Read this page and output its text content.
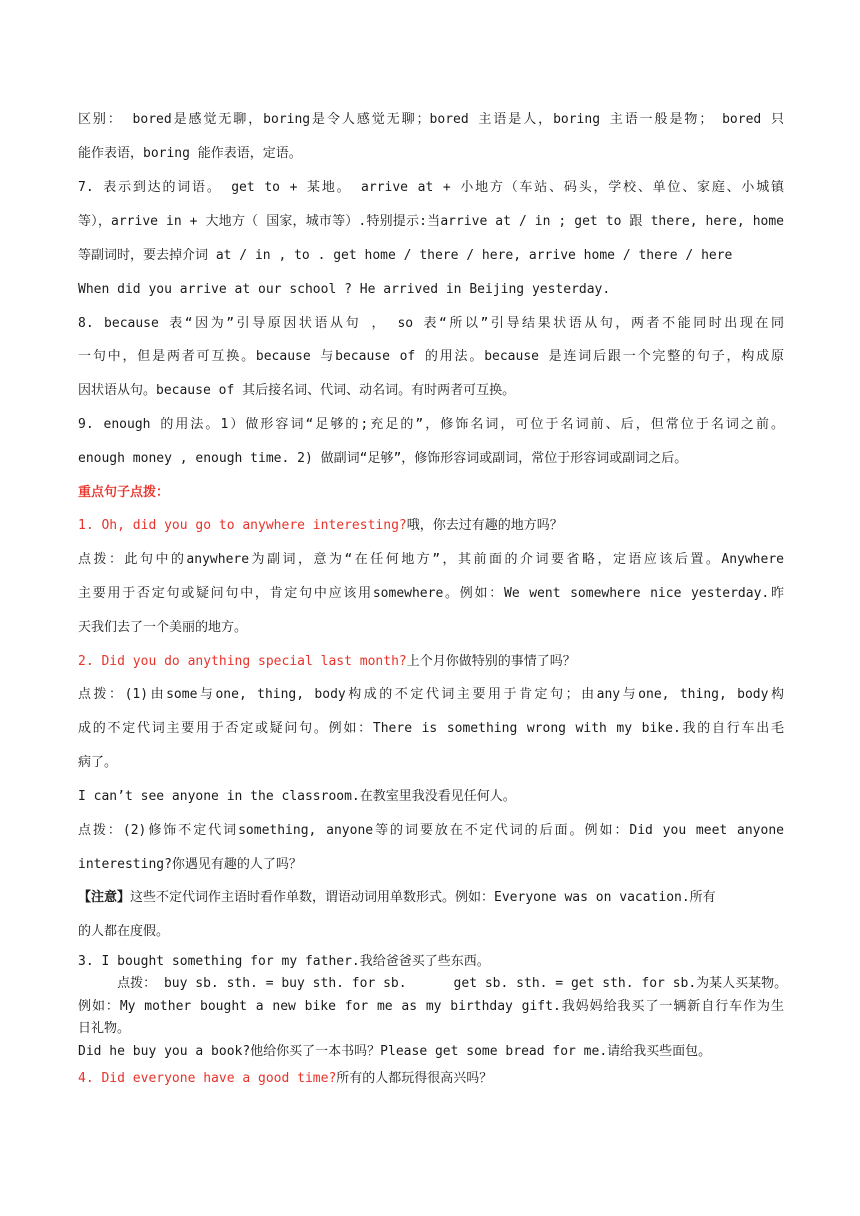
区别： bored是感觉无聊，boring是令人感觉无聊；bored 主语是人，boring 主语一般是物； bored 只
能作表语，boring 能作表语，定语。
7. 表示到达的词语。 get to + 某地。 arrive at + 小地方（车站、码头，学校、单位、家庭、小城镇
等），arrive in + 大地方（ 国家，城市等）.特别提示:当arrive at / in ; get to 跟 there, here, home
等副词时，要去掉介词 at / in , to . get home / there / here, arrive home / there / here
When did you arrive at our school ? He arrived in Beijing yesterday.
8. because 表“因为”引导原因状语从句 ， so 表“所以”引导结果状语从句，两者不能同时出现在同
一句中，但是两者可互换。because 与because of 的用法。because 是连词后跟一个完整的句子，构成原
因状语从句。because of 其后接名词、代词、动名词。有时两者可互换。
9. enough 的用法。1）做形容词“足够的;充足的”，修饰名词，可位于名词前、后，但常位于名词之前。
enough money , enough time. 2) 做副词“足够”，修饰形容词或副词，常位于形容词或副词之后。
重点句子点拨：
1. Oh, did you go to anywhere interesting?哦，你去过有趣的地方吗？
点拨：此句中的anywhere为副词，意为“在任何地方”，其前面的介词要省略，定语应该后置。Anywhere
主要用于否定句或疑问句中，肯定句中应该用somewhere。例如：We went somewhere nice yesterday.昨
天我们去了一个美丽的地方。
2. Did you do anything special last month?上个月你做特别的事情了吗？
点拨：(1)由some与one, thing, body构成的不定代词主要用于肯定句；由any与one, thing, body构
成的不定代词主要用于否定或疑问句。例如：There is something wrong with my bike.我的自行车出毛
病了。
I can’t see anyone in the classroom.在教室里我没看见任何人。
点拨：(2)修饰不定代词something, anyone等的词要放在不定代词的后面。例如：Did you meet anyone
interesting?你遇见有趣的人了吗？
【注意】这些不定代词作主语时看作单数，谓语动词用单数形式。例如：Everyone was on vacation.所有
的人都在度假。
3. I bought something for my father.我给爸爸买了些东西。
点拨： buy sb. sth. = buy sth. for sb.      get sb. sth. = get sth. for sb.为某人买某物。
例如：My mother bought a new bike for me as my birthday gift.我妈妈给我买了一辆新自行车作为生
日礼物。
Did he buy you a book?他给你买了一本书吗？Please get some bread for me.请给我买些面包。
4. Did everyone have a good time?所有的人都玩得很高兴吗？
